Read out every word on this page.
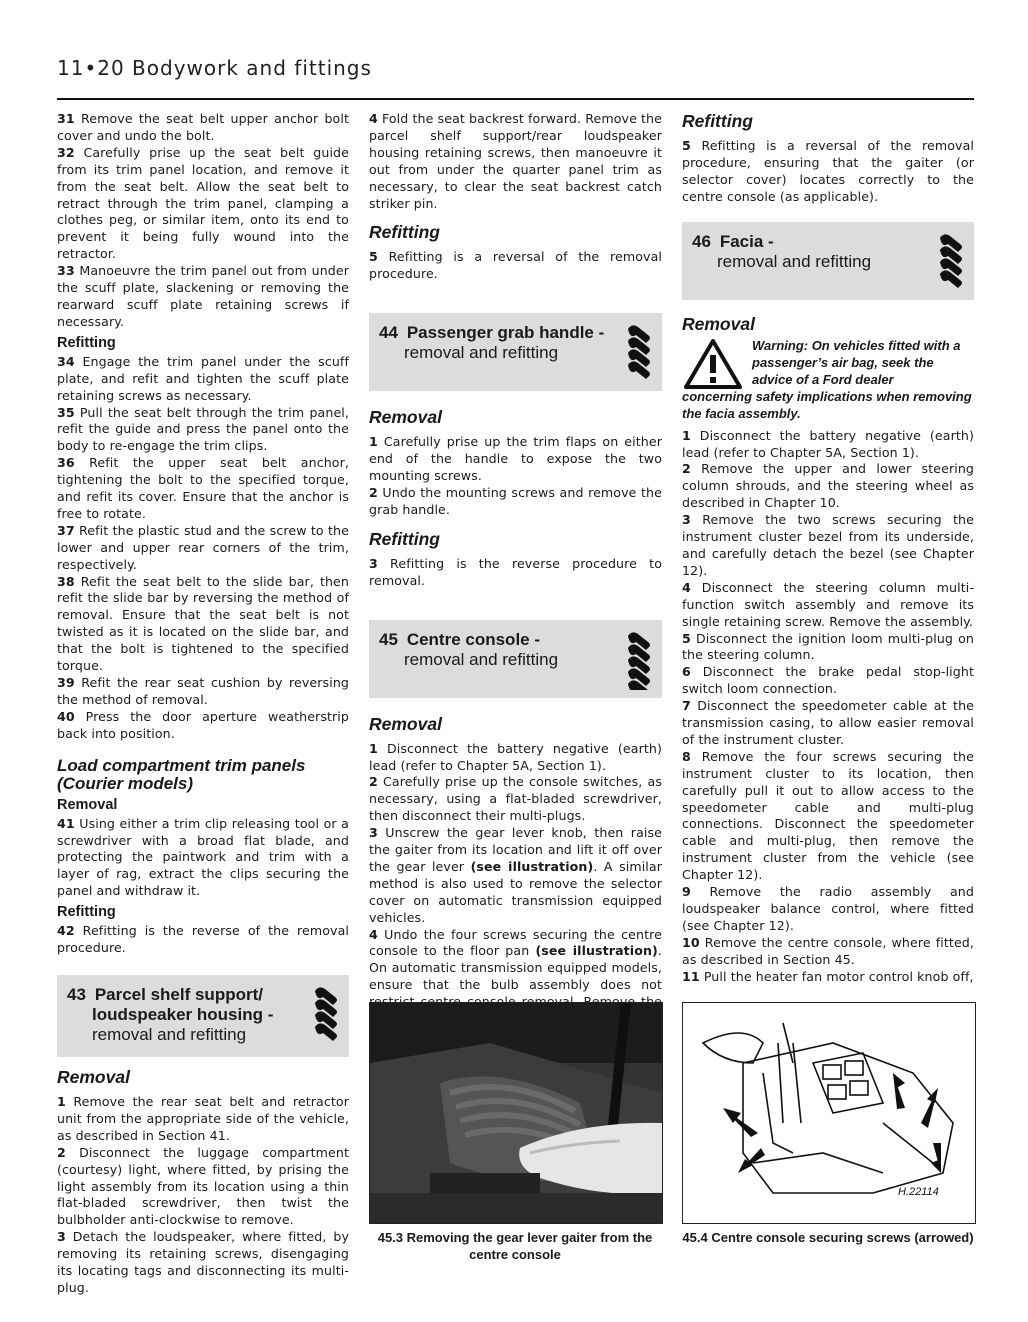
11•20 Bodywork and fittings

31 Remove the seat belt upper anchor bolt cover and undo the bolt.

32 Carefully prise up the seat belt guide from its trim panel location, and remove it from the seat belt. Allow the seat belt to retract through the trim panel, clamping a clothes peg, or similar item, onto its end to prevent it being fully wound into the retractor.

33 Manoeuvre the trim panel out from under the scuff plate, slackening or removing the rearward scuff plate retaining screws if necessary.

Refitting

34 Engage the trim panel under the scuff plate, and refit and tighten the scuff plate retaining screws as necessary.

35 Pull the seat belt through the trim panel, refit the guide and press the panel onto the body to re-engage the trim clips.

36 Refit the upper seat belt anchor, tightening the bolt to the specified torque, and refit its cover. Ensure that the anchor is free to rotate.

37 Refit the plastic stud and the screw to the lower and upper rear corners of the trim, respectively.

38 Refit the seat belt to the slide bar, then refit the slide bar by reversing the method of removal. Ensure that the seat belt is not twisted as it is located on the slide bar, and that the bolt is tightened to the specified torque.

39 Refit the rear seat cushion by reversing the method of removal.

40 Press the door aperture weatherstrip back into position.

Load compartment trim panels (Courier models)
Removal

41 Using either a trim clip releasing tool or a screwdriver with a broad flat blade, and protecting the paintwork and trim with a layer of rag, extract the clips securing the panel and withdraw it.

Refitting

42 Refitting is the reverse of the removal procedure.

43 Parcel shelf support/
loudspeaker housing -
removal and refitting
Removal

1 Remove the rear seat belt and retractor unit from the appropriate side of the vehicle, as described in Section 41.

2 Disconnect the luggage compartment (courtesy) light, where fitted, by prising the light assembly from its location using a thin flat-bladed screwdriver, then twist the bulbholder anti-clockwise to remove.

3 Detach the loudspeaker, where fitted, by removing its retaining screws, disengaging its locating tags and disconnecting its multi-plug.

4 Fold the seat backrest forward. Remove the parcel shelf support/rear loudspeaker housing retaining screws, then manoeuvre it out from under the quarter panel trim as necessary, to clear the seat backrest catch striker pin.

Refitting

5 Refitting is a reversal of the removal procedure.

44 Passenger grab handle -
removal and refitting
Removal

1 Carefully prise up the trim flaps on either end of the handle to expose the two mounting screws.

2 Undo the mounting screws and remove the grab handle.

Refitting

3 Refitting is the reverse procedure to removal.

45 Centre console -
removal and refitting
Removal

1 Disconnect the battery negative (earth) lead (refer to Chapter 5A, Section 1).

2 Carefully prise up the console switches, as necessary, using a flat-bladed screwdriver, then disconnect their multi-plugs.

3 Unscrew the gear lever knob, then raise the gaiter from its location and lift it off over the gear lever (see illustration). A similar method is also used to remove the selector cover on automatic transmission equipped vehicles.

4 Undo the four screws securing the centre console to the floor pan (see illustration). On automatic transmission equipped models, ensure that the bulb assembly does not

Refitting

5 Refitting is a reversal of the removal procedure, ensuring that the gaiter (or selector cover) locates correctly to the centre console (as applicable).

46 Facia -
removal and refitting
Removal

Warning: On vehicles fitted with a passenger’s air bag, seek the advice of a Ford dealer

concerning safety implications when removing the facia assembly.

1 Disconnect the battery negative (earth) lead (refer to Chapter 5A, Section 1).

2 Remove the upper and lower steering column shrouds, and the steering wheel as described in Chapter 10.

3 Remove the two screws securing the instrument cluster bezel from its underside, and carefully detach the bezel (see Chapter 12).

4 Disconnect the steering column multi-function switch assembly and remove its single retaining screw. Remove the assembly.

5 Disconnect the ignition loom multi-plug on the steering column.

6 Disconnect the brake pedal stop-light switch loom connection.

7 Disconnect the speedometer cable at the transmission casing, to allow easier removal of the instrument cluster.

8 Remove the four screws securing the instrument cluster to its location, then carefully pull it out to allow access to the speedometer cable and multi-plug connections. Disconnect the speedometer cable and multi-plug, then remove the instrument cluster from the vehicle (see Chapter 12).

9 Remove the radio assembly and loudspeaker balance control, where fitted (see Chapter 12).

10 Remove the centre console, where fitted, as described in Section 45.

11 Pull the heater fan motor control knob off,

45.3 Removing the gear lever gaiter from the centre console
H.22114
45.4 Centre console securing screws (arrowed)
